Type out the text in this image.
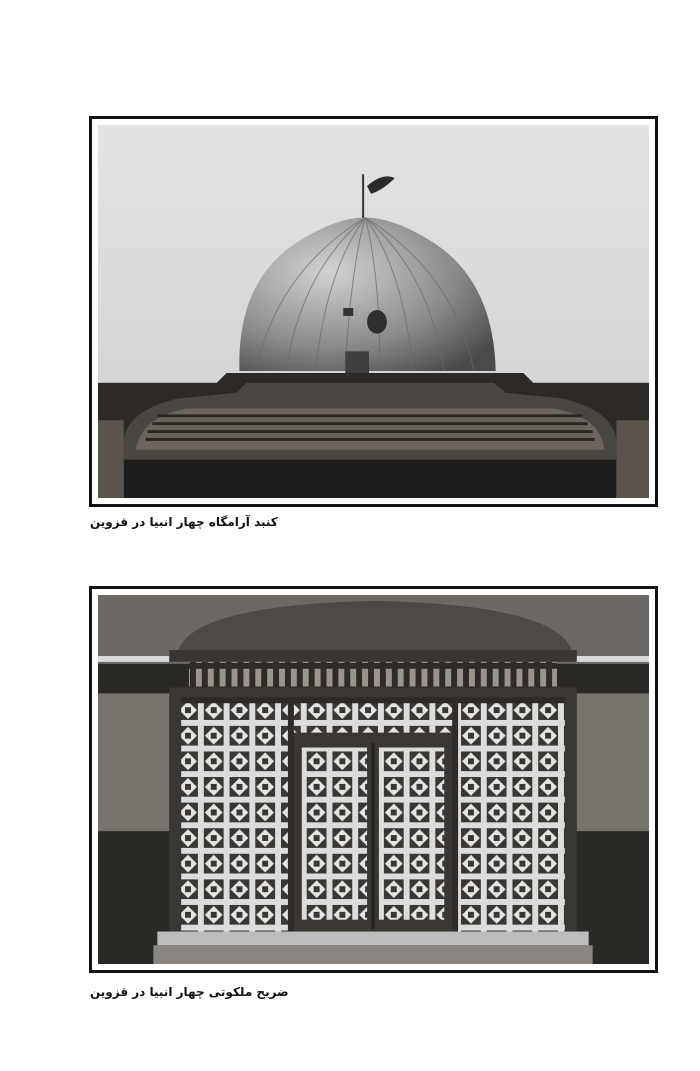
کنبد آرامگاه چهار انبیا در قزوین
ضریح ملکوتی چهار انبیا در قزوین
